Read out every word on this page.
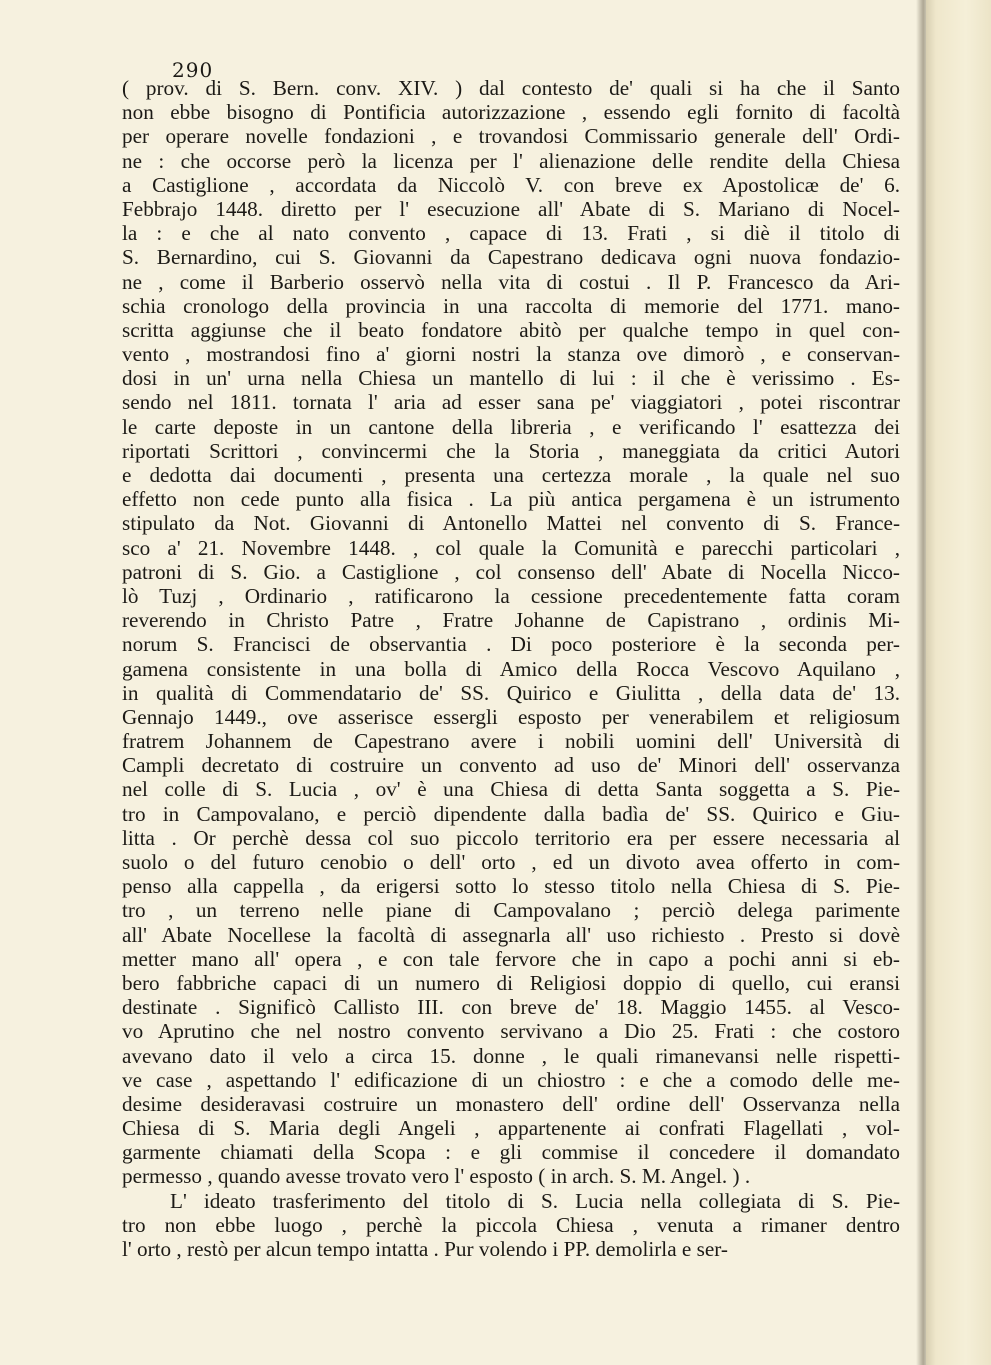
290
( prov. di S. Bern. conv. XIV. ) dal contesto de' quali si ha che il Santo
non ebbe bisogno di Pontificia autorizzazione , essendo egli fornito di facoltà
per operare novelle fondazioni , e trovandosi Commissario generale dell' Ordi-
ne : che occorse però la licenza per l' alienazione delle rendite della Chiesa
a Castiglione , accordata da Niccolò V. con breve ex Apostolicæ de' 6.
Febbrajo 1448. diretto per l' esecuzione all' Abate di S. Mariano di Nocel-
la : e che al nato convento , capace di 13. Frati , si diè il titolo di
S. Bernardino, cui S. Giovanni da Capestrano dedicava ogni nuova fondazio-
ne , come il Barberio osservò nella vita di costui . Il P. Francesco da Ari-
schia cronologo della provincia in una raccolta di memorie del 1771. mano-
scritta aggiunse che il beato fondatore abitò per qualche tempo in quel con-
vento , mostrandosi fino a' giorni nostri la stanza ove dimorò , e conservan-
dosi in un' urna nella Chiesa un mantello di lui : il che è verissimo . Es-
sendo nel 1811. tornata l' aria ad esser sana pe' viaggiatori , potei riscontrar
le carte deposte in un cantone della libreria , e verificando l' esattezza dei
riportati Scrittori , convincermi che la Storia , maneggiata da critici Autori
e dedotta dai documenti , presenta una certezza morale , la quale nel suo
effetto non cede punto alla fisica . La più antica pergamena è un istrumento
stipulato da Not. Giovanni di Antonello Mattei nel convento di S. France-
sco a' 21. Novembre 1448. , col quale la Comunità e parecchi particolari ,
patroni di S. Gio. a Castiglione , col consenso dell' Abate di Nocella Nicco-
lò Tuzj , Ordinario , ratificarono la cessione precedentemente fatta coram
reverendo in Christo Patre , Fratre Johanne de Capistrano , ordinis Mi-
norum S. Francisci de observantia . Di poco posteriore è la seconda per-
gamena consistente in una bolla di Amico della Rocca Vescovo Aquilano ,
in qualità di Commendatario de' SS. Quirico e Giulitta , della data de' 13.
Gennajo 1449., ove asserisce essergli esposto per venerabilem et religiosum
fratrem Johannem de Capestrano avere i nobili uomini dell' Università di
Campli decretato di costruire un convento ad uso de' Minori dell' osservanza
nel colle di S. Lucia , ov' è una Chiesa di detta Santa soggetta a S. Pie-
tro in Campovalano, e perciò dipendente dalla badìa de' SS. Quirico e Giu-
litta . Or perchè dessa col suo piccolo territorio era per essere necessaria al
suolo o del futuro cenobio o dell' orto , ed un divoto avea offerto in com-
penso alla cappella , da erigersi sotto lo stesso titolo nella Chiesa di S. Pie-
tro , un terreno nelle piane di Campovalano ; perciò delega parimente
all' Abate Nocellese la facoltà di assegnarla all' uso richiesto . Presto si dovè
metter mano all' opera , e con tale fervore che in capo a pochi anni si eb-
bero fabbriche capaci di un numero di Religiosi doppio di quello, cui eransi
destinate . Significò Callisto III. con breve de' 18. Maggio 1455. al Vesco-
vo Aprutino che nel nostro convento servivano a Dio 25. Frati : che costoro
avevano dato il velo a circa 15. donne , le quali rimanevansi nelle rispetti-
ve case , aspettando l' edificazione di un chiostro : e che a comodo delle me-
desime desideravasi costruire un monastero dell' ordine dell' Osservanza nella
Chiesa di S. Maria degli Angeli , appartenente ai confrati Flagellati , vol-
garmente chiamati della Scopa : e gli commise il concedere il domandato
permesso , quando avesse trovato vero l' esposto ( in arch. S. M. Angel. ) .
L' ideato trasferimento del titolo di S. Lucia nella collegiata di S. Pie-
tro non ebbe luogo , perchè la piccola Chiesa , venuta a rimaner dentro
l' orto , restò per alcun tempo intatta . Pur volendo i PP. demolirla e ser-
